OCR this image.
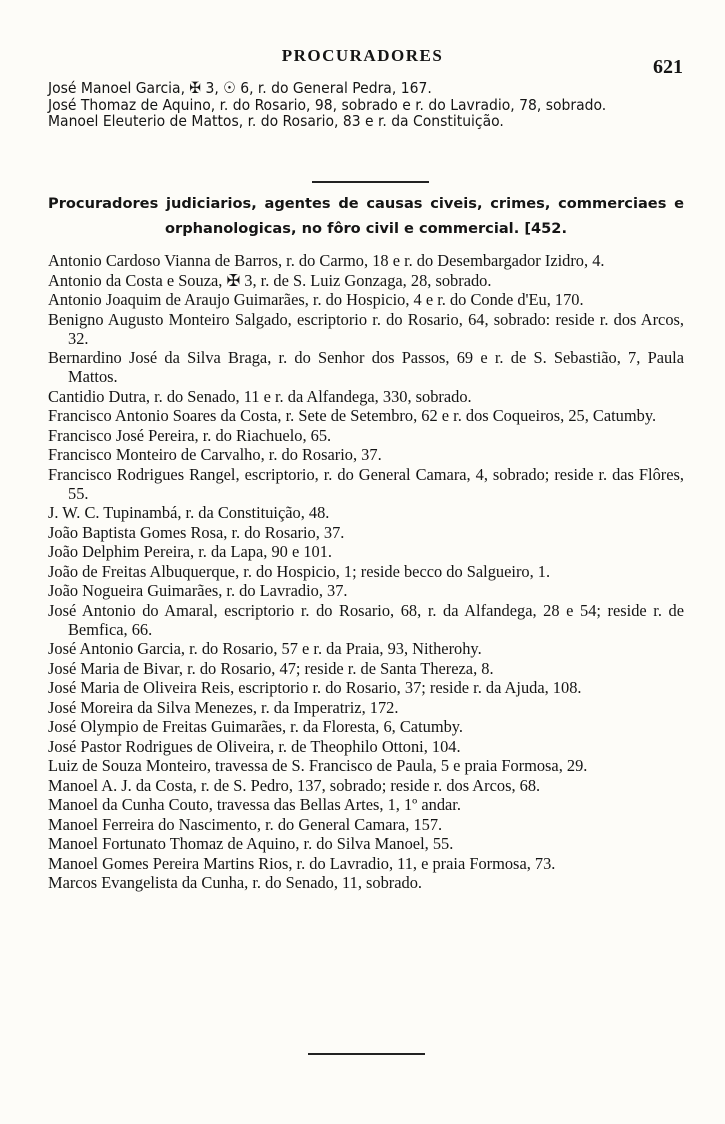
PROCURADORES
621

José Manoel Garcia, ✠ 3, ☉ 6, r. do General Pedra, 167.

José Thomaz de Aquino, r. do Rosario, 98, sobrado e r. do Lavradio, 78, sobrado.

Manoel Eleuterio de Mattos, r. do Rosario, 83 e r. da Constituição.

Procuradores judiciarios, agentes de causas civeis, crimes, commerciaes e
orphanologicas, no fôro civil e commercial. [452.

Antonio Cardoso Vianna de Barros, r. do Carmo, 18 e r. do Desembargador Izidro, 4.

Antonio da Costa e Souza, ✠ 3, r. de S. Luiz Gonzaga, 28, sobrado.

Antonio Joaquim de Araujo Guimarães, r. do Hospicio, 4 e r. do Conde d'Eu, 170.

Benigno Augusto Monteiro Salgado, escriptorio r. do Rosario, 64, sobrado: reside r. dos Arcos, 32.

Bernardino José da Silva Braga, r. do Senhor dos Passos, 69 e r. de S. Sebastião, 7, Paula Mattos.

Cantidio Dutra, r. do Senado, 11 e r. da Alfandega, 330, sobrado.

Francisco Antonio Soares da Costa, r. Sete de Setembro, 62 e r. dos Coqueiros, 25, Catumby.

Francisco José Pereira, r. do Riachuelo, 65.

Francisco Monteiro de Carvalho, r. do Rosario, 37.

Francisco Rodrigues Rangel, escriptorio, r. do General Camara, 4, sobrado; reside r. das Flôres, 55.

J. W. C. Tupinambá, r. da Constituição, 48.

João Baptista Gomes Rosa, r. do Rosario, 37.

João Delphim Pereira, r. da Lapa, 90 e 101.

João de Freitas Albuquerque, r. do Hospicio, 1; reside becco do Salgueiro, 1.

João Nogueira Guimarães, r. do Lavradio, 37.

José Antonio do Amaral, escriptorio r. do Rosario, 68, r. da Alfandega, 28 e 54; reside r. de Bemfica, 66.

José Antonio Garcia, r. do Rosario, 57 e r. da Praia, 93, Nitherohy.

José Maria de Bivar, r. do Rosario, 47; reside r. de Santa Thereza, 8.

José Maria de Oliveira Reis, escriptorio r. do Rosario, 37; reside r. da Ajuda, 108.

José Moreira da Silva Menezes, r. da Imperatriz, 172.

José Olympio de Freitas Guimarães, r. da Floresta, 6, Catumby.

José Pastor Rodrigues de Oliveira, r. de Theophilo Ottoni, 104.

Luiz de Souza Monteiro, travessa de S. Francisco de Paula, 5 e praia Formosa, 29.

Manoel A. J. da Costa, r. de S. Pedro, 137, sobrado; reside r. dos Arcos, 68.

Manoel da Cunha Couto, travessa das Bellas Artes, 1, 1º andar.

Manoel Ferreira do Nascimento, r. do General Camara, 157.

Manoel Fortunato Thomaz de Aquino, r. do Silva Manoel, 55.

Manoel Gomes Pereira Martins Rios, r. do Lavradio, 11, e praia Formosa, 73.

Marcos Evangelista da Cunha, r. do Senado, 11, sobrado.
